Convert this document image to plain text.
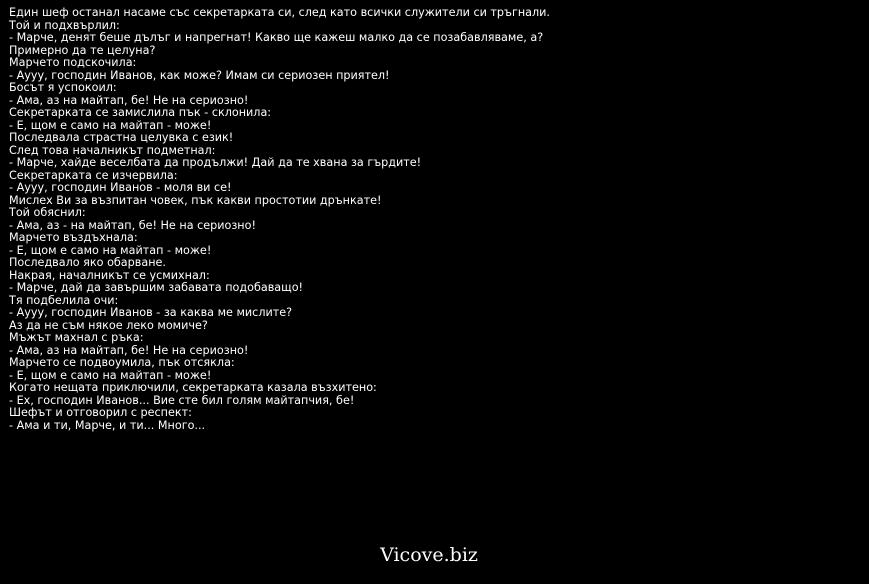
Един шеф останал насаме със секретарката си, след като всички служители си тръгнали.
Той и подхвърлил:
- Марче, денят беше дълъг и напрегнат! Какво ще кажеш малко да се позабавляваме, а? Примерно да те целуна?
Марчето подскочила:
- Аууу, господин Иванов, как може? Имам си сериозен приятел!
Босът я успокоил:
- Ама, аз на майтап, бе! Не на сериозно!
Секретарката се замислила пък - склонила:
- Е, щом е само на майтап - може!
Последвала страстна целувка с език!
След това началникът подметнал:
- Марче, хайде веселбата да продължи! Дай да те хвана за гърдите!
Секретарката се изчервила:
- Аууу, господин Иванов - моля ви се!
Мислех Ви за възпитан човек, пък какви простотии дрънкате!
Той обяснил:
- Ама, аз - на майтап, бе! Не на сериозно!
Марчето въздъхнала:
- Е, щом е само на майтап - може!
Последвало яко обарване.
Накрая, началникът се усмихнал:
- Марче, дай да завършим забавата подобаващо!
Тя подбелила очи:
- Аууу, господин Иванов - за каква ме мислите?
Аз да не съм някое леко момиче?
Мъжът махнал с ръка:
- Ама, аз на майтап, бе! Не на сериозно!
Марчето се подвоумила, пък отсякла:
- Е, щом е само на майтап - може!
Когато нещата приключили, секретарката казала възхитено:
- Ех, господин Иванов... Вие сте бил голям майтапчия, бе!
Шефът и отговорил с респект:
- Ама и ти, Марче, и ти... Много...
Vicove.biz
